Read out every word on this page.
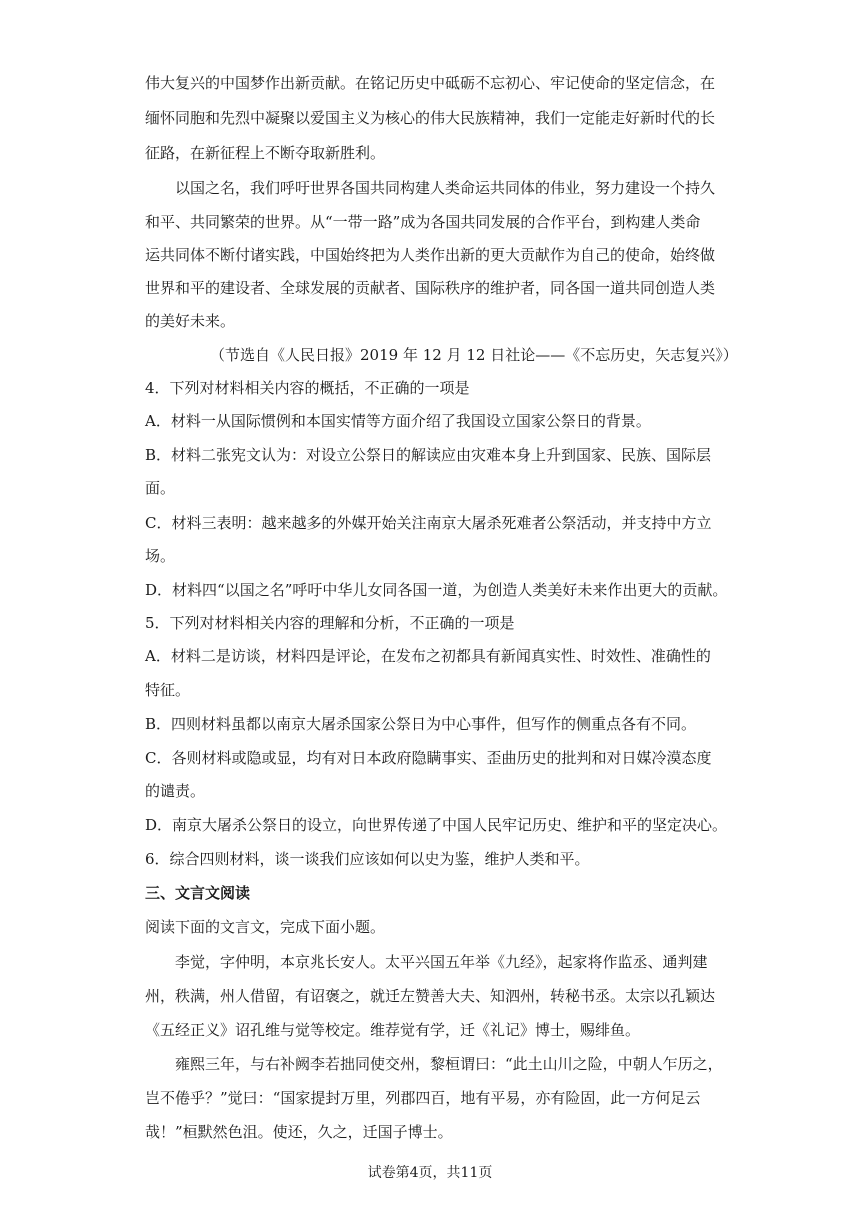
伟大复兴的中国梦作出新贡献。在铭记历史中砥砺不忘初心、牢记使命的坚定信念，在
缅怀同胞和先烈中凝聚以爱国主义为核心的伟大民族精神，我们一定能走好新时代的长
征路，在新征程上不断夺取新胜利。
以国之名，我们呼吁世界各国共同构建人类命运共同体的伟业，努力建设一个持久
和平、共同繁荣的世界。从“一带一路”成为各国共同发展的合作平台，到构建人类命
运共同体不断付诸实践，中国始终把为人类作出新的更大贡献作为自己的使命，始终做
世界和平的建设者、全球发展的贡献者、国际秩序的维护者，同各国一道共同创造人类
的美好未来。
（节选自《人民日报》2019 年 12 月 12 日社论——《不忘历史，矢志复兴》）
4．下列对材料相关内容的概括，不正确的一项是
A．材料一从国际惯例和本国实情等方面介绍了我国设立国家公祭日的背景。
B．材料二张宪文认为：对设立公祭日的解读应由灾难本身上升到国家、民族、国际层
面。
C．材料三表明：越来越多的外媒开始关注南京大屠杀死难者公祭活动，并支持中方立
场。
D．材料四“以国之名”呼吁中华儿女同各国一道，为创造人类美好未来作出更大的贡献。
5．下列对材料相关内容的理解和分析，不正确的一项是
A．材料二是访谈，材料四是评论，在发布之初都具有新闻真实性、时效性、准确性的
特征。
B．四则材料虽都以南京大屠杀国家公祭日为中心事件，但写作的侧重点各有不同。
C．各则材料或隐或显，均有对日本政府隐瞒事实、歪曲历史的批判和对日媒冷漠态度
的谴责。
D．南京大屠杀公祭日的设立，向世界传递了中国人民牢记历史、维护和平的坚定决心。
6．综合四则材料，谈一谈我们应该如何以史为鉴，维护人类和平。
三、文言文阅读
阅读下面的文言文，完成下面小题。
李觉，字仲明，本京兆长安人。太平兴国五年举《九经》，起家将作监丞、通判建
州，秩满，州人借留，有诏褒之，就迁左赞善大夫、知泗州，转秘书丞。太宗以孔颖达
《五经正义》诏孔维与觉等校定。维荐觉有学，迁《礼记》博士，赐绯鱼。
雍熙三年，与右补阙李若拙同使交州，黎桓谓曰：“此土山川之险，中朝人乍历之，
岂不倦乎？”觉曰：“国家提封万里，列郡四百，地有平易，亦有险固，此一方何足云
哉！”桓默然色沮。使还，久之，迁国子博士。
试卷第4页，共11页
